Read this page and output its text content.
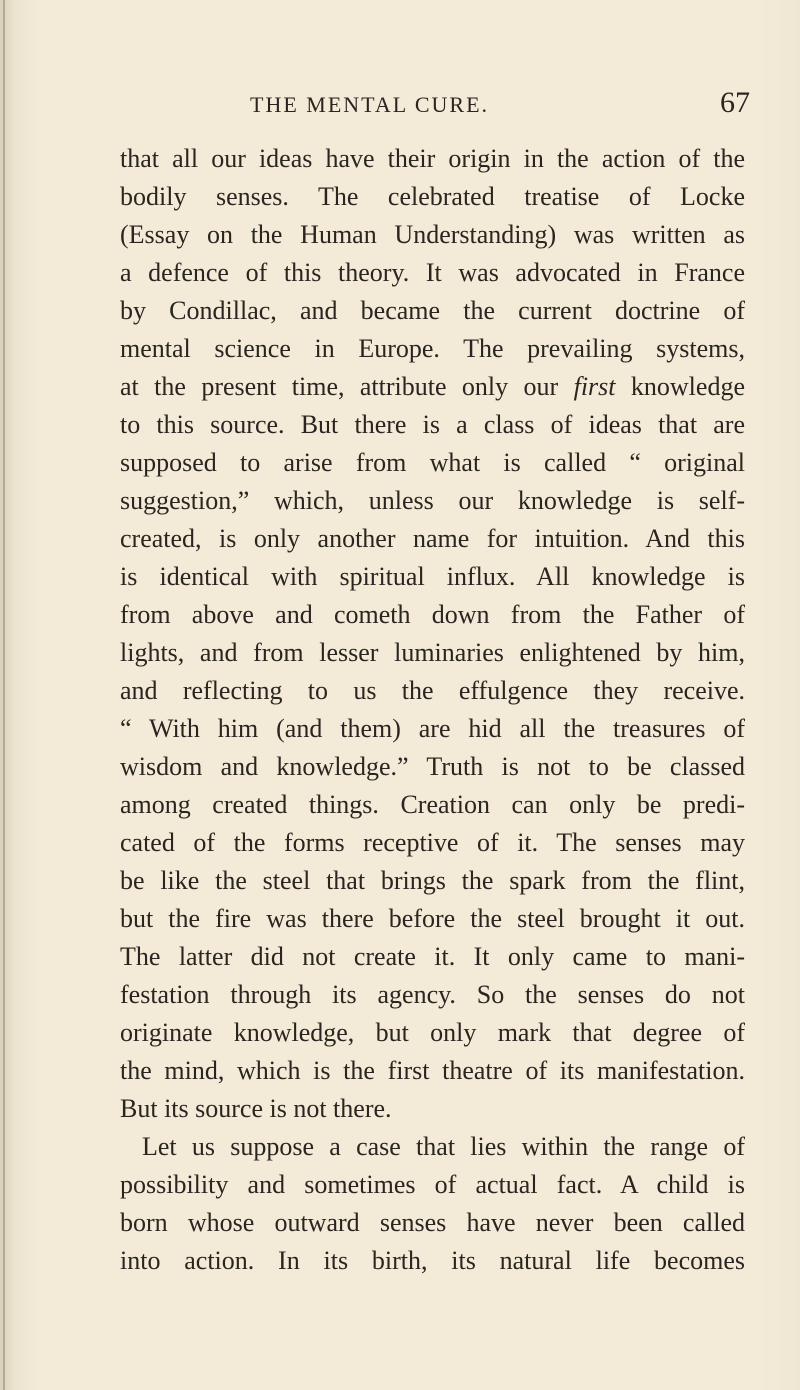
THE MENTAL CURE.	67
that all our ideas have their origin in the action of the
bodily senses. The celebrated treatise of Locke
(Essay on the Human Understanding) was written as
a defence of this theory. It was advocated in France
by Condillac, and became the current doctrine of
mental science in Europe. The prevailing systems,
at the present time, attribute only our first knowledge
to this source. But there is a class of ideas that are
supposed to arise from what is called “ original
suggestion,” which, unless our knowledge is self-
created, is only another name for intuition. And this
is identical with spiritual influx. All knowledge is
from above and cometh down from the Father of
lights, and from lesser luminaries enlightened by him,
and reflecting to us the effulgence they receive.
“ With him (and them) are hid all the treasures of
wisdom and knowledge.” Truth is not to be classed
among created things. Creation can only be predi-
cated of the forms receptive of it. The senses may
be like the steel that brings the spark from the flint,
but the fire was there before the steel brought it out.
The latter did not create it. It only came to mani-
festation through its agency. So the senses do not
originate knowledge, but only mark that degree of
the mind, which is the first theatre of its manifestation.
But its source is not there.
Let us suppose a case that lies within the range of
possibility and sometimes of actual fact. A child is
born whose outward senses have never been called
into action. In its birth, its natural life becomes
